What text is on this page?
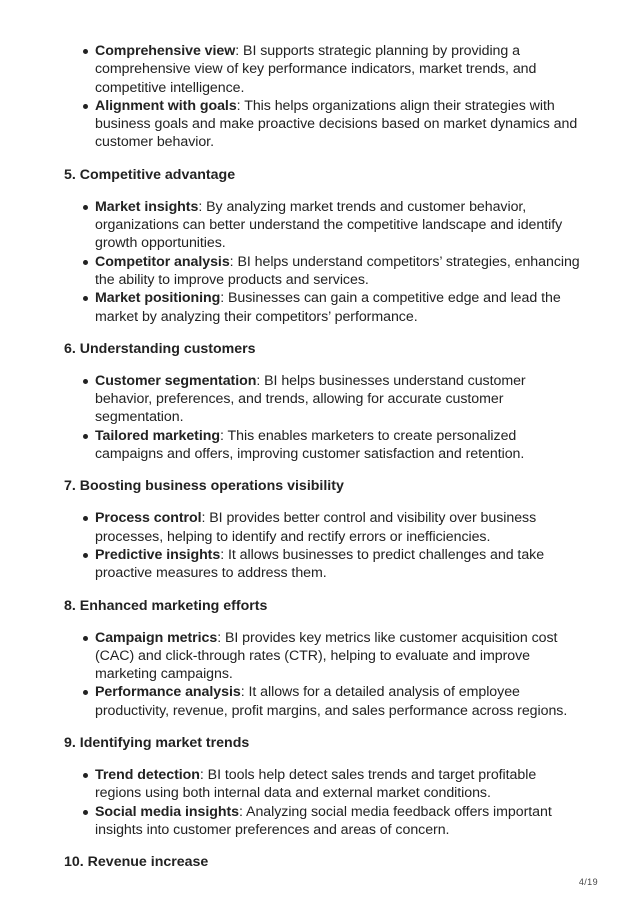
Comprehensive view: BI supports strategic planning by providing a comprehensive view of key performance indicators, market trends, and competitive intelligence.
Alignment with goals: This helps organizations align their strategies with business goals and make proactive decisions based on market dynamics and customer behavior.
5. Competitive advantage
Market insights: By analyzing market trends and customer behavior, organizations can better understand the competitive landscape and identify growth opportunities.
Competitor analysis: BI helps understand competitors’ strategies, enhancing the ability to improve products and services.
Market positioning: Businesses can gain a competitive edge and lead the market by analyzing their competitors’ performance.
6. Understanding customers
Customer segmentation: BI helps businesses understand customer behavior, preferences, and trends, allowing for accurate customer segmentation.
Tailored marketing: This enables marketers to create personalized campaigns and offers, improving customer satisfaction and retention.
7. Boosting business operations visibility
Process control: BI provides better control and visibility over business processes, helping to identify and rectify errors or inefficiencies.
Predictive insights: It allows businesses to predict challenges and take proactive measures to address them.
8. Enhanced marketing efforts
Campaign metrics: BI provides key metrics like customer acquisition cost (CAC) and click-through rates (CTR), helping to evaluate and improve marketing campaigns.
Performance analysis: It allows for a detailed analysis of employee productivity, revenue, profit margins, and sales performance across regions.
9. Identifying market trends
Trend detection: BI tools help detect sales trends and target profitable regions using both internal data and external market conditions.
Social media insights: Analyzing social media feedback offers important insights into customer preferences and areas of concern.
10. Revenue increase
4/19
